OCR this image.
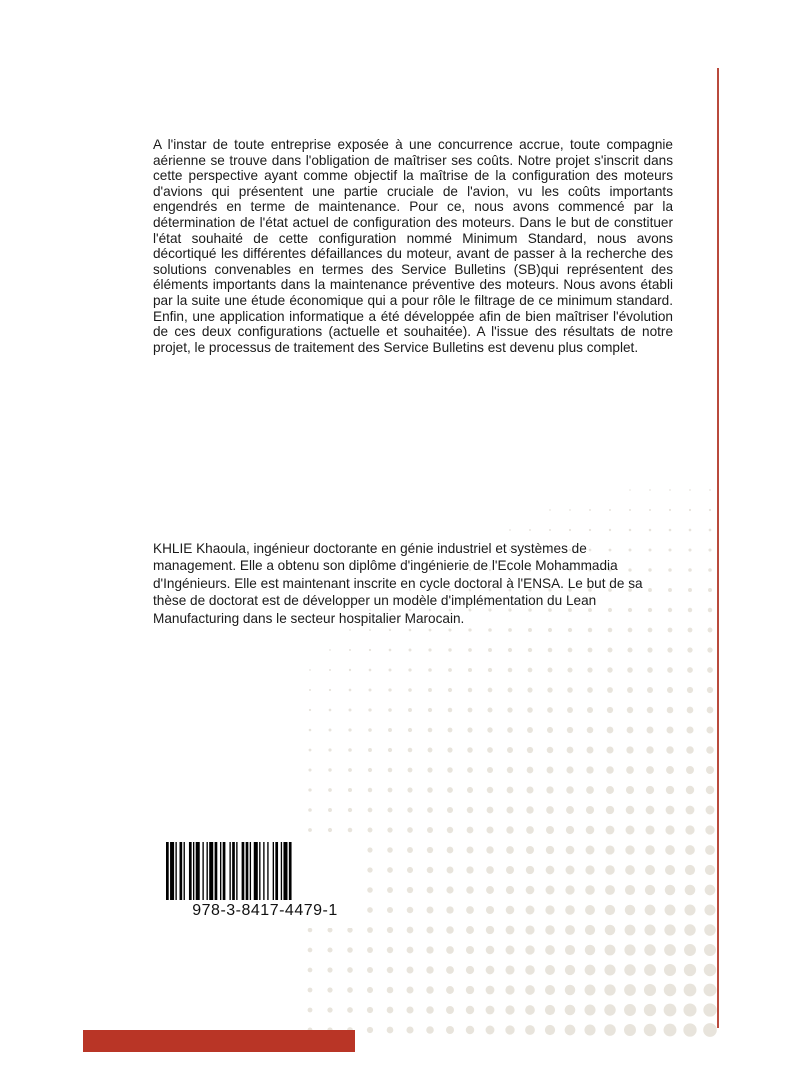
A l'instar de toute entreprise exposée à une concurrence accrue, toute compagnie aérienne se trouve dans l'obligation de maîtriser ses coûts. Notre projet s'inscrit dans cette perspective ayant comme objectif la maîtrise de la configuration des moteurs d'avions qui présentent une partie cruciale de l'avion, vu les coûts importants engendrés en terme de maintenance. Pour ce, nous avons commencé par la détermination de l'état actuel de configuration des moteurs. Dans le but de constituer l'état souhaité de cette configuration nommé Minimum Standard, nous avons décortiqué les différentes défaillances du moteur, avant de passer à la recherche des solutions convenables en termes des Service Bulletins (SB)qui représentent des éléments importants dans la maintenance préventive des moteurs. Nous avons établi par la suite une étude économique qui a pour rôle le filtrage de ce minimum standard. Enfin, une application informatique a été développée afin de bien maîtriser l'évolution de ces deux configurations (actuelle et souhaitée). A l'issue des résultats de notre projet, le processus de traitement des Service Bulletins est devenu plus complet.

KHLIE Khaoula, ingénieur doctorante en génie industriel et systèmes de management. Elle a obtenu son diplôme d'ingénierie de l'Ecole Mohammadia d'Ingénieurs. Elle est maintenant inscrite en cycle doctoral à l'ENSA. Le but de sa thèse de doctorat est de développer un modèle d'implémentation du Lean Manufacturing dans le secteur hospitalier Marocain.

978-3-8417-4479-1
